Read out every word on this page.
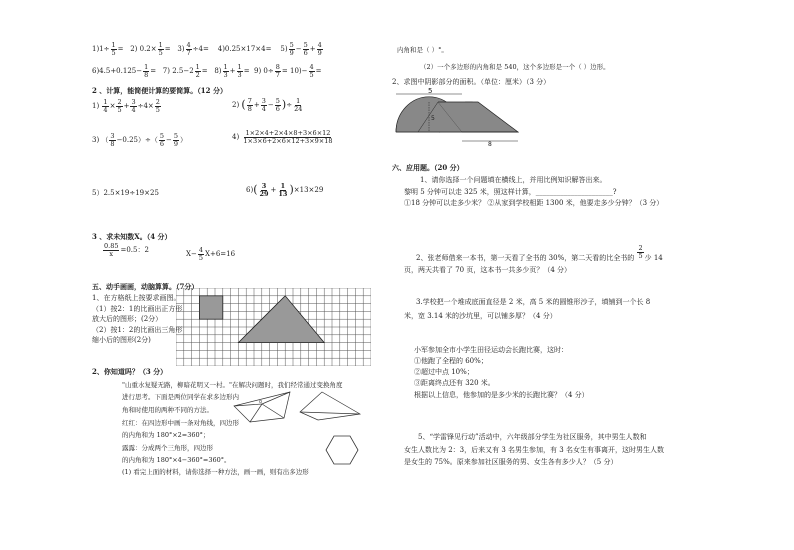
$1)1\div \frac{1}{5} = 2$) $0.2\times \frac{1}{5} = 3) \frac{4}{7} \div 4= 4)0.25\times 17\times 4= 5) \frac{5}{9} - \frac{5}{6} + \frac{4}{9}$
$6)4.5+0.125- \frac{1}{8} = 7$) $2.5-2 \frac{1}{2} = 8) \frac{1}{3} + \frac{1}{3} = 9$) $0\div \frac{8}{7} = 10)- \frac{4}{5}$ =
2 、计算，能简便计算的要简算。（12 分）
$1) \frac{1}{4} \times \frac{2}{5} + \frac{3}{4} \div 4\times \frac{2}{5}$	2) ( $\frac{7}{8} + \frac{3}{4} - \frac{5}{6}$ )÷ $\frac{1}{24}$
3) （ $\frac{3}{8} -0.25)\div( \frac{5}{6} - \frac{5}{9}$ ）	$4) \frac{1\times 2\times 4+2\times 4\times 8+3\times 6\times 12}{1\times 3\times 6+2\times 6\times 12+3\times 9\times 18}$
5）2.5×19÷19×25	$6)( \frac{3}{29} + \frac{1}{13} )\times 13\times 29$
3 、求未知数X。（4 分）
$\frac{0.85}{x} =0.5$：2	$X- \frac{4}{5} X+6=16$
五、动手画画，动脑算算。（7分）
1、在方格纸上按要求画图。
（1）按2：1的比画出正方形
放大后的图形；(2分）
（2）按1：2的比画出三角形
缩小后的图形(2分)
2、你知道吗？（3 分）
"山重水复疑无路，柳暗花明又一村。"在解决问题时，我们经常通过变换角度
进行思考。下面是两位同学在求多边形内
角和时使用的两种不同的方法。
红红：在四边形中画一条对角线，四边形
的内角和为 180°×2=360°；
露露：分成两个三角形，四边形
的内角和为 180°×4−360°=360°。
(1) 看完上面的材料，请你选择一种方法，画一画，则有出多边形
o
内角和是（ ）°。
（2）一个多边形的内角和是 540，这个多边形是一个（ ）边形。
2、求图中阴影部分的面积。（单位：厘米）（3 分）
5
5
8
六、应用题。（20 分）
1、请你选择一个问题填在横线上，并用比例知识解答出来。
黎明 5 分钟可以走 325 米，照这样计算，______________________?
①18 分钟可以走多少米？ ②从家到学校相距 1300 米，他要走多少分钟？（3 分）
2、张老师借来一本书，第一天看了全书的 30%，第二天看的比全书的 $\frac{2}{5}$ 少 14
页，两天共看了 70 页，这本书一共多少页？（4 分）
3.学校把一个堆成底面直径是 2 米，高 5 米的圆锥形沙子，填铺到一个长 8
米，宽 3.14 米的沙坑里，可以铺多厚？（4 分）
小军参加全市小学生田径运动会长跑比赛，这时：
①他跑了全程的 60%；
②超过中点 10%；
③距离终点还有 320 米。
根据以上信息，他参加的是多少米的长跑比赛？（4 分）
5、“学雷锋见行动”活动中，六年级部分学生为社区服务，其中男生人数和
女生人数比为 2：3，后来又有 3 名男生参加，有 3 名女生有事离开，这时男生人数
是女生的 75%。原来参加社区服务的男、女生各有多少人？（5 分）
